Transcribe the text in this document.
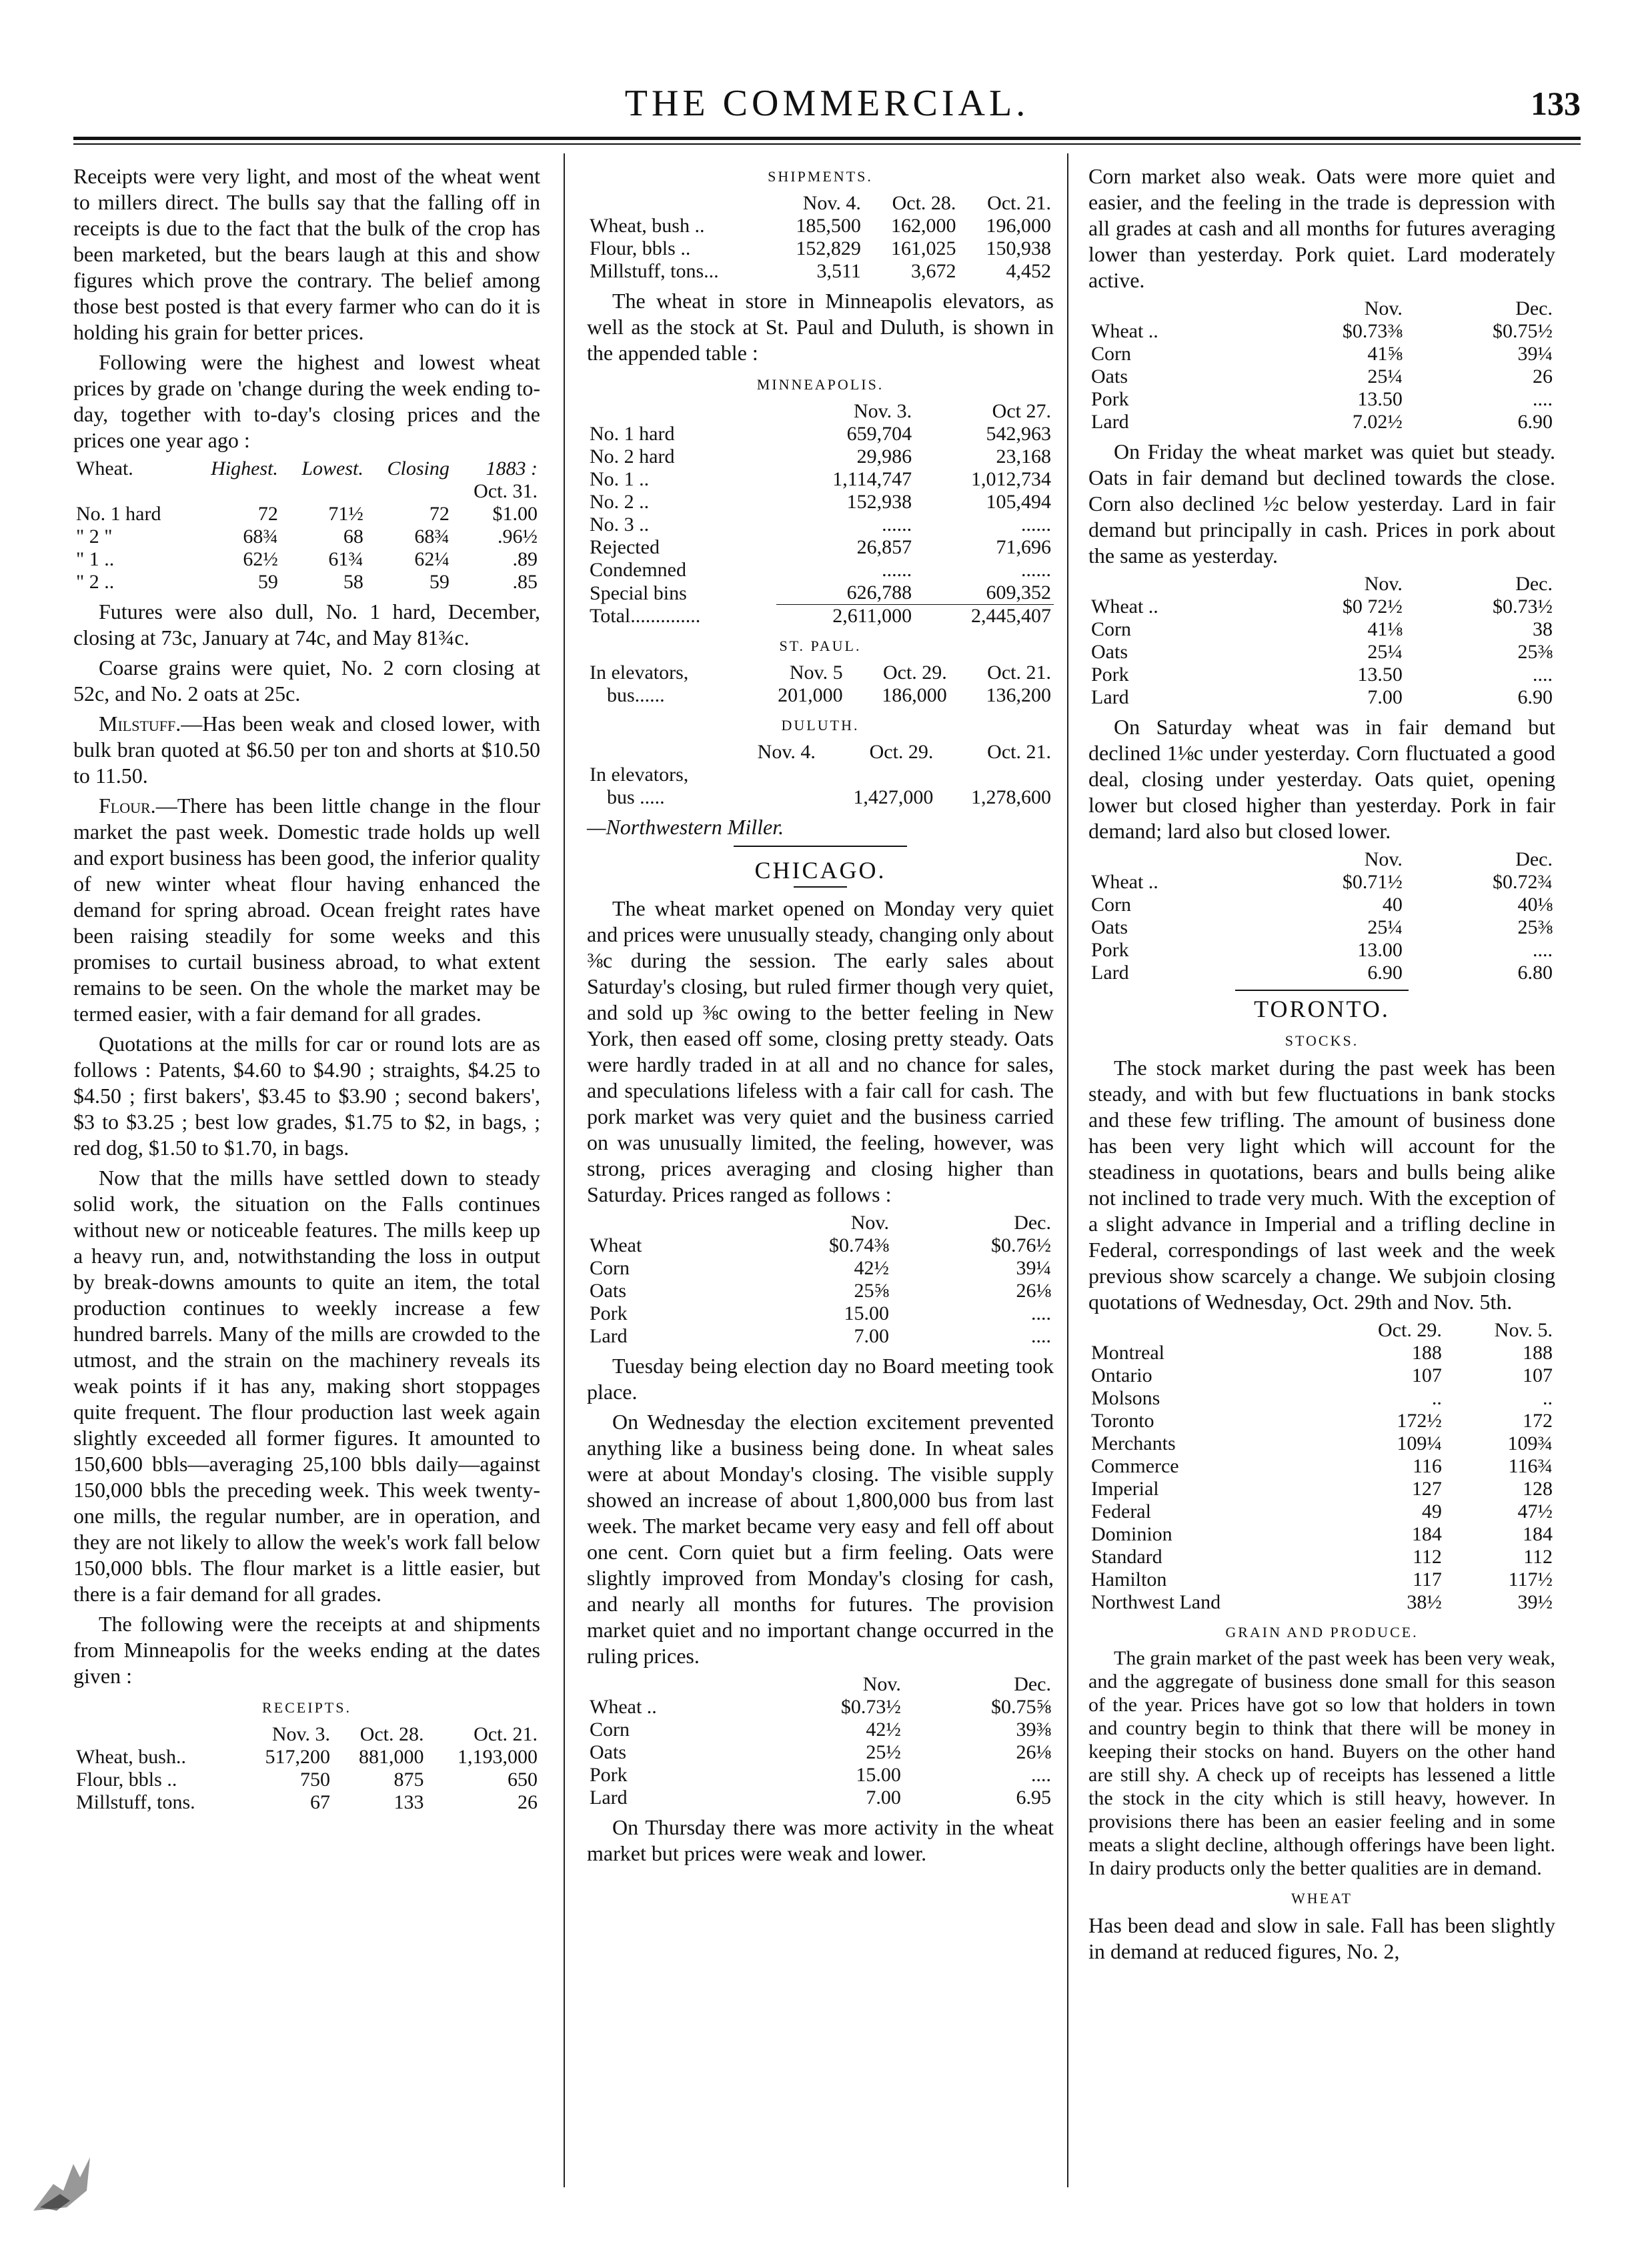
THE COMMERCIAL.	133

Receipts were very light, and most of the wheat went to millers direct. The bulls say that the falling off in receipts is due to the fact that the bulk of the crop has been marketed, but the bears laugh at this and show figures which prove the contrary. The belief among those best posted is that every farmer who can do it is holding his grain for better prices.

Following were the highest and lowest wheat prices by grade on 'change during the week ending to-day, together with to-day's closing prices and the prices one year ago :

Wheat.	Highest.	Lowest.	Closing	1883 :
				Oct. 31.
No. 1 hard	72	71½	72	$1.00
" 2 "	68¾	68	68¾	.96½
" 1 ..	62½	61¾	62¼	.89
" 2 ..	59	58	59	.85

Futures were also dull, No. 1 hard, December, closing at 73c, January at 74c, and May 81¾c.

Coarse grains were quiet, No. 2 corn closing at 52c, and No. 2 oats at 25c.

Milstuff.—Has been weak and closed lower, with bulk bran quoted at $6.50 per ton and shorts at $10.50 to 11.50.

Flour.—There has been little change in the flour market the past week. Domestic trade holds up well and export business has been good, the inferior quality of new winter wheat flour having enhanced the demand for spring abroad. Ocean freight rates have been raising steadily for some weeks and this promises to curtail business abroad, to what extent remains to be seen. On the whole the market may be termed easier, with a fair demand for all grades.

Quotations at the mills for car or round lots are as follows : Patents, $4.60 to $4.90 ; straights, $4.25 to $4.50 ; first bakers', $3.45 to $3.90 ; second bakers', $3 to $3.25 ; best low grades, $1.75 to $2, in bags, ; red dog, $1.50 to $1.70, in bags.

Now that the mills have settled down to steady solid work, the situation on the Falls continues without new or noticeable features. The mills keep up a heavy run, and, notwithstanding the loss in output by break-downs amounts to quite an item, the total production continues to weekly increase a few hundred barrels. Many of the mills are crowded to the utmost, and the strain on the machinery reveals its weak points if it has any, making short stoppages quite frequent. The flour production last week again slightly exceeded all former figures. It amounted to 150,600 bbls—averaging 25,100 bbls daily—against 150,000 bbls the preceding week. This week twenty-one mills, the regular number, are in operation, and they are not likely to allow the week's work fall below 150,000 bbls. The flour market is a little easier, but there is a fair demand for all grades.

The following were the receipts at and shipments from Minneapolis for the weeks ending at the dates given :

RECEIPTS.
	Nov. 3.	Oct. 28.	Oct. 21.
Wheat, bush..	517,200	881,000	1,193,000
Flour, bbls ..	750	875	650
Millstuff, tons.	67	133	26
SHIPMENTS.
	Nov. 4.	Oct. 28.	Oct. 21.
Wheat, bush ..	185,500	162,000	196,000
Flour, bbls ..	152,829	161,025	150,938
Millstuff, tons...	3,511	3,672	4,452

The wheat in store in Minneapolis elevators, as well as the stock at St. Paul and Duluth, is shown in the appended table :

MINNEAPOLIS.
	Nov. 3.	Oct 27.
No. 1 hard	659,704	542,963
No. 2 hard	29,986	23,168
No. 1 ..	1,114,747	1,012,734
No. 2 ..	152,938	105,494
No. 3 ..	......	......
Rejected	26,857	71,696
Condemned	......	......
Special bins	626,788	609,352
Total..............	2,611,000	2,445,407
ST. PAUL.
In elevators,	Nov. 5	Oct. 29.	Oct. 21.
bus......	201,000	186,000	136,200
DULUTH.
	Nov. 4.	Oct. 29.	Oct. 21.
In elevators,			
bus .....		1,427,000	1,278,600
—Northwestern Miller.
CHICAGO.

The wheat market opened on Monday very quiet and prices were unusually steady, changing only about ⅜c during the session. The early sales about Saturday's closing, but ruled firmer though very quiet, and sold up ⅜c owing to the better feeling in New York, then eased off some, closing pretty steady. Oats were hardly traded in at all and no chance for sales, and speculations lifeless with a fair call for cash. The pork market was very quiet and the business carried on was unusually limited, the feeling, however, was strong, prices averaging and closing higher than Saturday. Prices ranged as follows :

	Nov.	Dec.
Wheat	$0.74⅜	$0.76½
Corn	42½	39¼
Oats	25⅝	26⅛
Pork	15.00	....
Lard	7.00	....

Tuesday being election day no Board meeting took place.

On Wednesday the election excitement prevented anything like a business being done. In wheat sales were at about Monday's closing. The visible supply showed an increase of about 1,800,000 bus from last week. The market became very easy and fell off about one cent. Corn quiet but a firm feeling. Oats were slightly improved from Monday's closing for cash, and nearly all months for futures. The provision market quiet and no important change occurred in the ruling prices.

	Nov.	Dec.
Wheat ..	$0.73½	$0.75⅝
Corn	42½	39⅜
Oats	25½	26⅛
Pork	15.00	....
Lard	7.00	6.95

On Thursday there was more activity in the wheat market but prices were weak and lower.

Corn market also weak. Oats were more quiet and easier, and the feeling in the trade is depression with all grades at cash and all months for futures averaging lower than yesterday. Pork quiet. Lard moderately active.

	Nov.	Dec.
Wheat ..	$0.73⅜	$0.75½
Corn	41⅝	39¼
Oats	25¼	26
Pork	13.50	....
Lard	7.02½	6.90

On Friday the wheat market was quiet but steady. Oats in fair demand but declined towards the close. Corn also declined ½c below yesterday. Lard in fair demand but principally in cash. Prices in pork about the same as yesterday.

	Nov.	Dec.
Wheat ..	$0 72½	$0.73½
Corn	41⅛	38
Oats	25¼	25⅜
Pork	13.50	....
Lard	7.00	6.90

On Saturday wheat was in fair demand but declined 1⅛c under yesterday. Corn fluctuated a good deal, closing under yesterday. Oats quiet, opening lower but closed higher than yesterday. Pork in fair demand; lard also but closed lower.

	Nov.	Dec.
Wheat ..	$0.71½	$0.72¾
Corn	40	40⅛
Oats	25¼	25⅜
Pork	13.00	....
Lard	6.90	6.80
TORONTO.
STOCKS.

The stock market during the past week has been steady, and with but few fluctuations in bank stocks and these few trifling. The amount of business done has been very light which will account for the steadiness in quotations, bears and bulls being alike not inclined to trade very much. With the exception of a slight advance in Imperial and a trifling decline in Federal, correspondings of last week and the week previous show scarcely a change. We subjoin closing quotations of Wednesday, Oct. 29th and Nov. 5th.

	Oct. 29.	Nov. 5.
Montreal	188	188
Ontario	107	107
Molsons	..	..
Toronto	172½	172
Merchants	109¼	109¾
Commerce	116	116¾
Imperial	127	128
Federal	49	47½
Dominion	184	184
Standard	112	112
Hamilton	117	117½
Northwest Land	38½	39½
GRAIN AND PRODUCE.

The grain market of the past week has been very weak, and the aggregate of business done small for this season of the year. Prices have got so low that holders in town and country begin to think that there will be money in keeping their stocks on hand. Buyers on the other hand are still shy. A check up of receipts has lessened a little the stock in the city which is still heavy, however. In provisions there has been an easier feeling and in some meats a slight decline, although offerings have been light. In dairy products only the better qualities are in demand.

WHEAT

Has been dead and slow in sale. Fall has been slightly in demand at reduced figures, No. 2,
